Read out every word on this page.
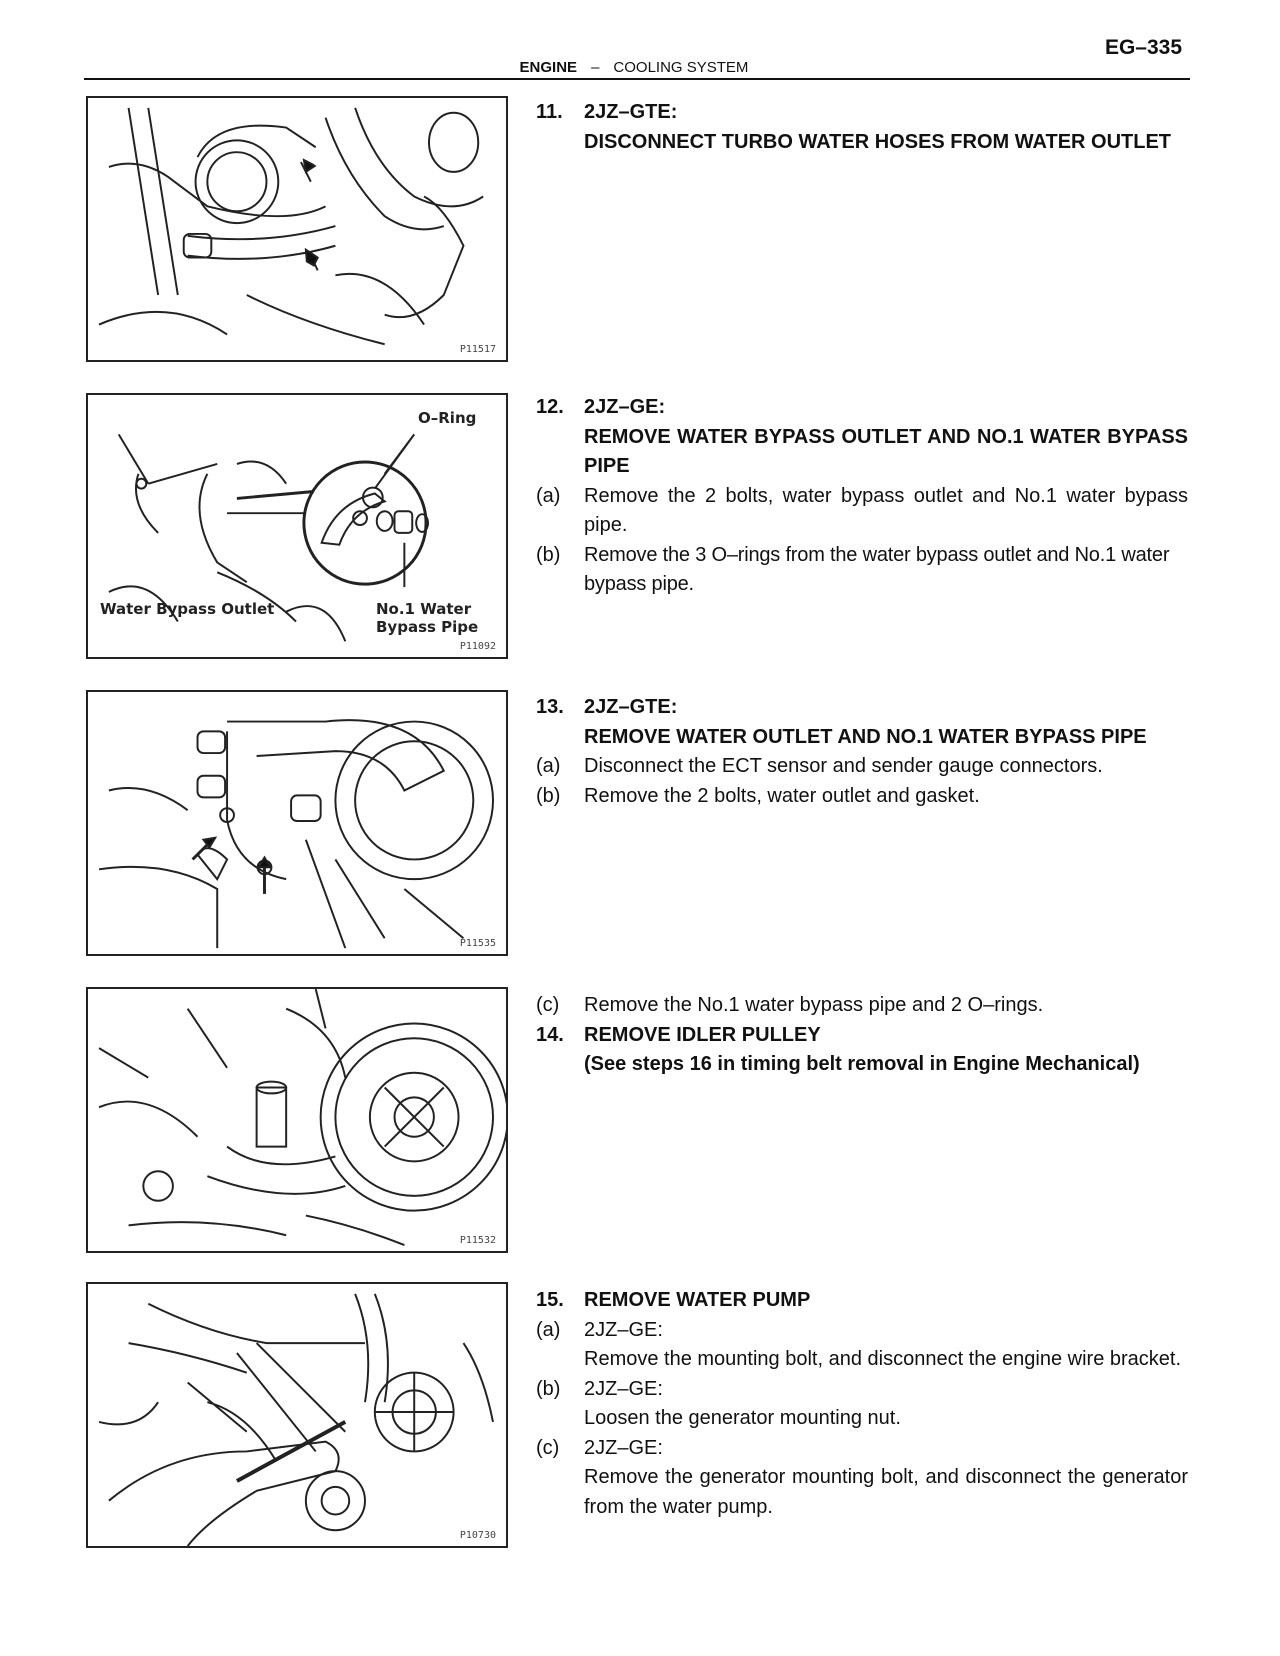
EG–335
ENGINE – COOLING SYSTEM
P11517
O–Ring
Water Bypass Outlet	No.1 Water
Bypass Pipe
P11092
P11535
P11532
P10730
11.	2JZ–GTE:
DISCONNECT TURBO WATER HOSES FROM WATER OUTLET
12.	2JZ–GE:
REMOVE WATER BYPASS OUTLET AND NO.1 WATER BYPASS PIPE
(a)	Remove the 2 bolts, water bypass outlet and No.1 water bypass pipe.
(b)	Remove the 3 O–rings from the water bypass outlet and No.1 water bypass pipe.
13.	2JZ–GTE:
REMOVE WATER OUTLET AND NO.1 WATER BYPASS PIPE
(a)	Disconnect the ECT sensor and sender gauge connectors.
(b)	Remove the 2 bolts, water outlet and gasket.
(c)	Remove the No.1 water bypass pipe and 2 O–rings.
14.	REMOVE IDLER PULLEY
(See steps 16 in timing belt removal in Engine Mechanical)
15.	REMOVE WATER PUMP
(a)	2JZ–GE:
Remove the mounting bolt, and disconnect the engine wire bracket.
(b)	2JZ–GE:
Loosen the generator mounting nut.
(c)	2JZ–GE:
Remove the generator mounting bolt, and disconnect the generator from the water pump.
